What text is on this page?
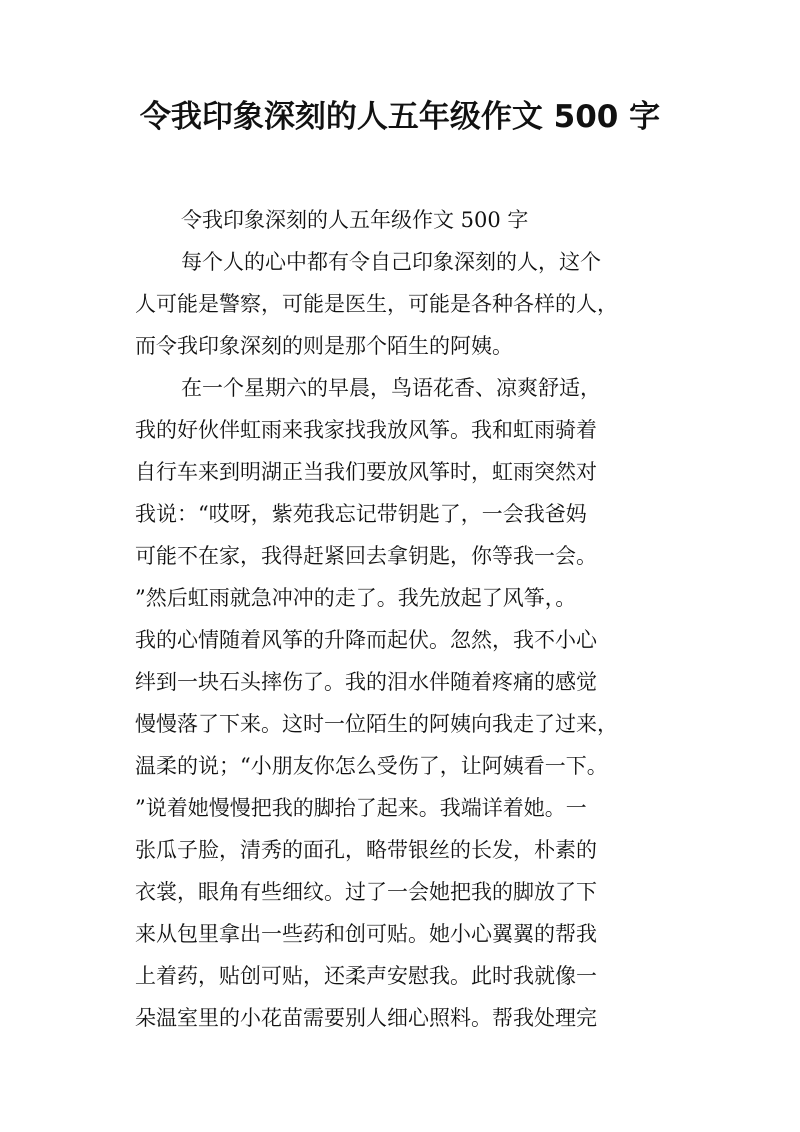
令我印象深刻的人五年级作文 500 字
令我印象深刻的人五年级作文 500 字
每个人的心中都有令自己印象深刻的人，这个
人可能是警察，可能是医生，可能是各种各样的人，
而令我印象深刻的则是那个陌生的阿姨。
在一个星期六的早晨，鸟语花香、凉爽舒适，
我的好伙伴虹雨来我家找我放风筝。我和虹雨骑着
自行车来到明湖正当我们要放风筝时，虹雨突然对
我说：“哎呀，紫苑我忘记带钥匙了，一会我爸妈
可能不在家，我得赶紧回去拿钥匙，你等我一会。
”然后虹雨就急冲冲的走了。我先放起了风筝，。
我的心情随着风筝的升降而起伏。忽然，我不小心
绊到一块石头摔伤了。我的泪水伴随着疼痛的感觉
慢慢落了下来。这时一位陌生的阿姨向我走了过来，
温柔的说；“小朋友你怎么受伤了，让阿姨看一下。
”说着她慢慢把我的脚抬了起来。我端详着她。一
张瓜子脸，清秀的面孔，略带银丝的长发，朴素的
衣裳，眼角有些细纹。过了一会她把我的脚放了下
来从包里拿出一些药和创可贴。她小心翼翼的帮我
上着药，贴创可贴，还柔声安慰我。此时我就像一
朵温室里的小花苗需要别人细心照料。帮我处理完
